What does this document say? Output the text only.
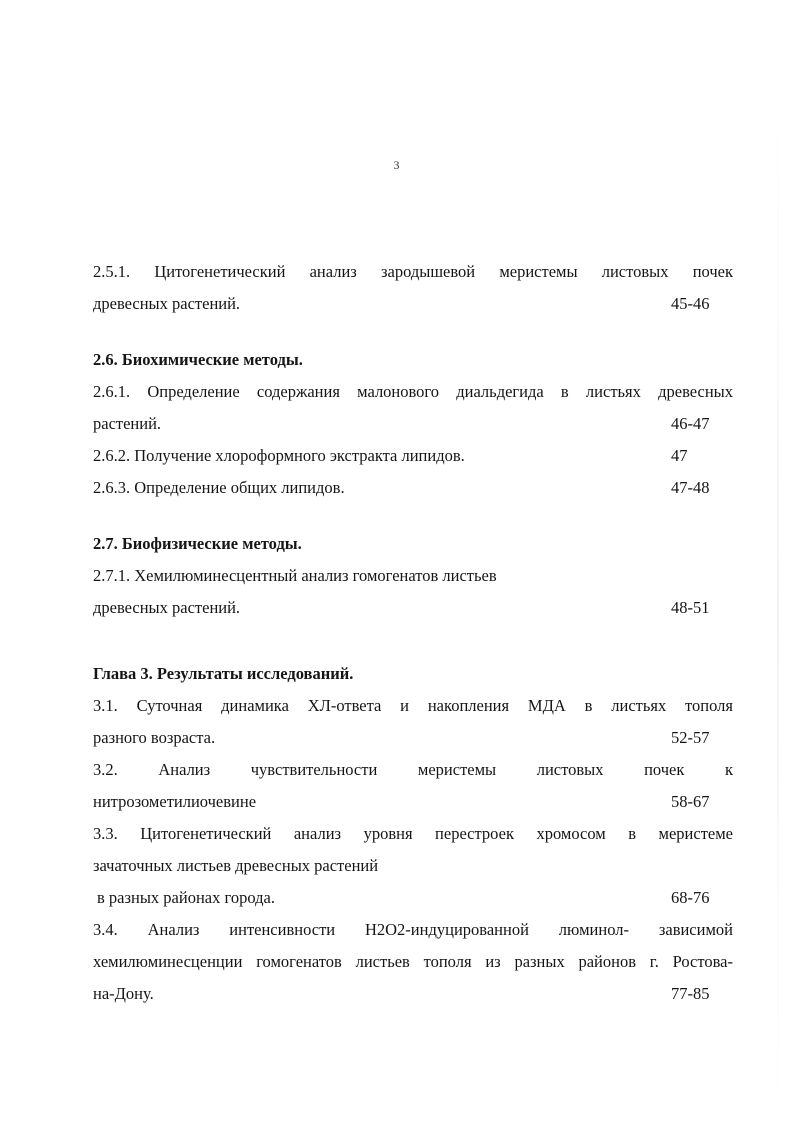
3
2.5.1. Цитогенетический анализ зародышевой меристемы листовых почек
древесных растений.	45-46
2.6. Биохимические методы.
2.6.1. Определение содержания малонового диальдегида в листьях древесных
растений.	46-47
2.6.2. Получение хлороформного экстракта липидов.	47
2.6.3. Определение общих липидов.	47-48
2.7. Биофизические методы.
2.7.1. Хемилюминесцентный анализ гомогенатов листьев
древесных растений.	48-51
Глава 3. Результаты исследований.
3.1. Суточная динамика ХЛ-ответа и накопления МДА в листьях тополя
разного возраста.	52-57
3.2. Анализ чувствительности меристемы листовых почек к
нитрозометилиочевине	58-67
3.3. Цитогенетический анализ уровня перестроек хромосом в меристеме
зачаточных листьев древесных растений
в разных районах города.	68-76
3.4. Анализ интенсивности Н2О2-индуцированной люминол- зависимой
хемилюминесценции гомогенатов листьев тополя из разных районов г. Ростова-
на-Дону.	77-85
